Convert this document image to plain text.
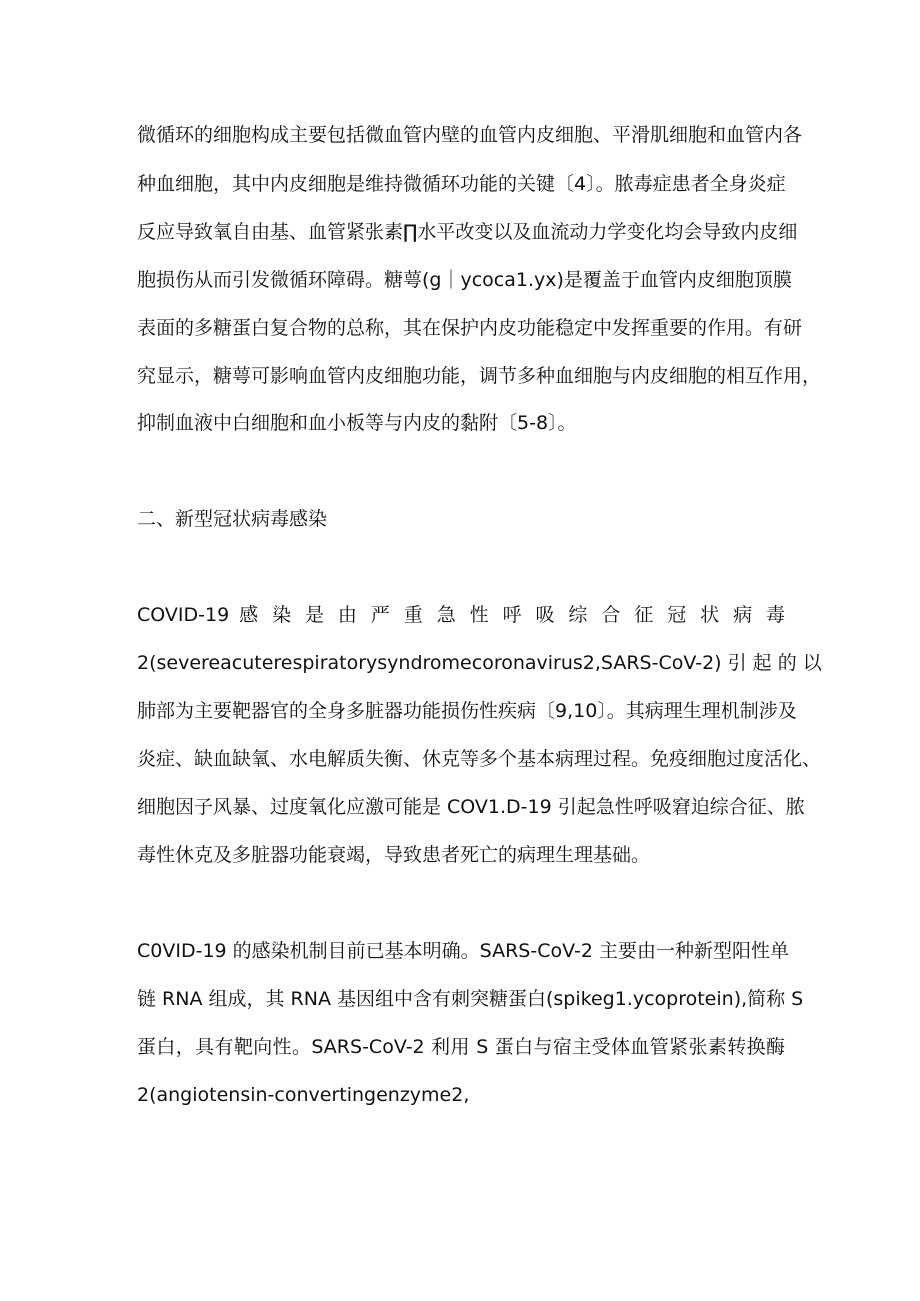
微循环的细胞构成主要包括微血管内壁的血管内皮细胞、平滑肌细胞和血管内各
种血细胞，其中内皮细胞是维持微循环功能的关键〔4〕。脓毒症患者全身炎症
反应导致氧自由基、血管紧张素∏水平改变以及血流动力学变化均会导致内皮细
胞损伤从而引发微循环障碍。糖萼(g｜ycoca1.yx)是覆盖于血管内皮细胞顶膜
表面的多糖蛋白复合物的总称，其在保护内皮功能稳定中发挥重要的作用。有研
究显示，糖萼可影响血管内皮细胞功能，调节多种血细胞与内皮细胞的相互作用，
抑制血液中白细胞和血小板等与内皮的黏附〔5-8〕。
二、新型冠状病毒感染
COVID-19 感 染 是 由 严 重 急 性 呼 吸 综 合 征 冠 状 病 毒
2(severeacuterespiratorysyndromecoronavirus2,SARS-CoV-2) 引 起 的 以
肺部为主要靶器官的全身多脏器功能损伤性疾病〔9,10〕。其病理生理机制涉及
炎症、缺血缺氧、水电解质失衡、休克等多个基本病理过程。免疫细胞过度活化、
细胞因子风暴、过度氧化应激可能是 COV1.D-19 引起急性呼吸窘迫综合征、脓
毒性休克及多脏器功能衰竭，导致患者死亡的病理生理基础。
C0VID-19 的感染机制目前已基本明确。SARS-CoV-2 主要由一种新型阳性单
链 RNA 组成，其 RNA 基因组中含有刺突糖蛋白(spikeg1.ycoprotein),简称 S
蛋白，具有靶向性。SARS-CoV-2 利用 S 蛋白与宿主受体血管紧张素转换酶
2(angiotensin-convertingenzyme2,
